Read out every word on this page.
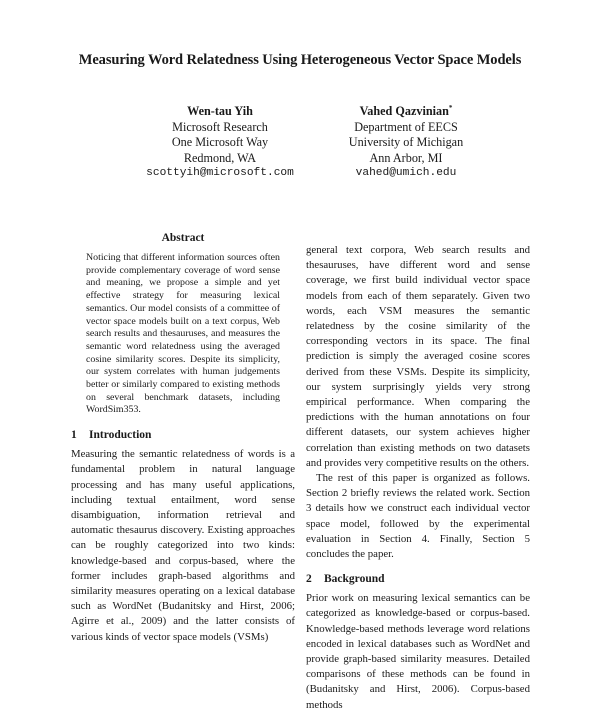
Measuring Word Relatedness Using Heterogeneous Vector Space Models
Wen-tau Yih
Microsoft Research
One Microsoft Way
Redmond, WA
scottyih@microsoft.com
Vahed Qazvinian*
Department of EECS
University of Michigan
Ann Arbor, MI
vahed@umich.edu
Abstract

Noticing that different information sources often provide complementary coverage of word sense and meaning, we propose a simple and yet effective strategy for measuring lexical semantics. Our model consists of a committee of vector space models built on a text corpus, Web search results and thesauruses, and measures the semantic word relatedness using the averaged cosine similarity scores. Despite its simplicity, our system correlates with human judgements better or similarly compared to existing methods on several benchmark datasets, including WordSim353.

1 Introduction

Measuring the semantic relatedness of words is a fundamental problem in natural language processing and has many useful applications, including textual entailment, word sense disambiguation, information retrieval and automatic thesaurus discovery. Existing approaches can be roughly categorized into two kinds: knowledge-based and corpus-based, where the former includes graph-based algorithms and similarity measures operating on a lexical database such as WordNet (Budanitsky and Hirst, 2006; Agirre et al., 2009) and the latter consists of various kinds of vector space models (VSMs)

general text corpora, Web search results and thesauruses, have different word and sense coverage, we first build individual vector space models from each of them separately. Given two words, each VSM measures the semantic relatedness by the cosine similarity of the corresponding vectors in its space. The final prediction is simply the averaged cosine scores derived from these VSMs. Despite its simplicity, our system surprisingly yields very strong empirical performance. When comparing the predictions with the human annotations on four different datasets, our system achieves higher correlation than existing methods on two datasets and provides very competitive results on the others.

The rest of this paper is organized as follows. Section 2 briefly reviews the related work. Section 3 details how we construct each individual vector space model, followed by the experimental evaluation in Section 4. Finally, Section 5 concludes the paper.

2 Background

Prior work on measuring lexical semantics can be categorized as knowledge-based or corpus-based. Knowledge-based methods leverage word relations encoded in lexical databases such as WordNet and provide graph-based similarity measures. Detailed comparisons of these methods can be found in (Budanitsky and Hirst, 2006). Corpus-based methods
